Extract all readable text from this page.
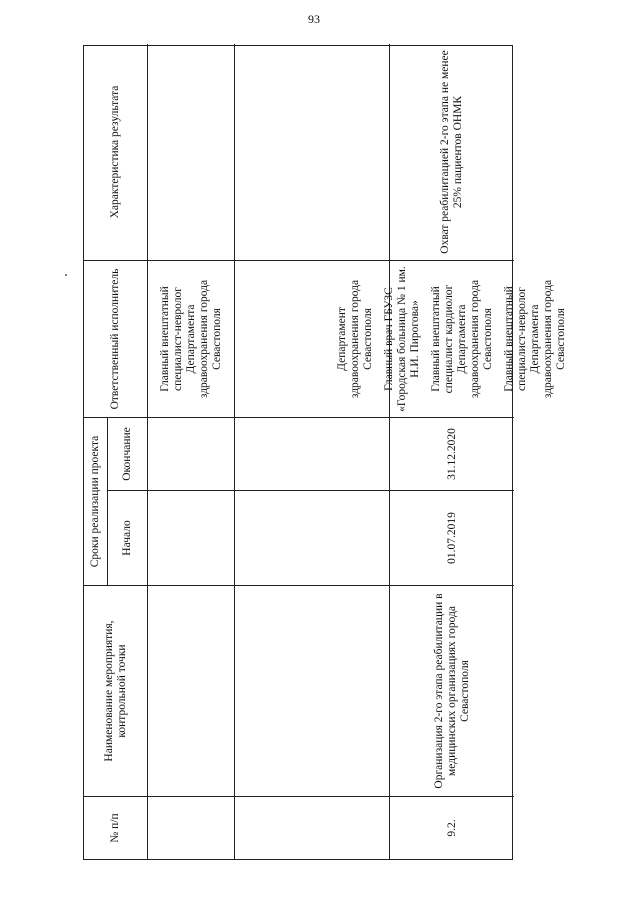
93
№ п/п
Наименование мероприятия, контрольной точки
Сроки реализации проекта
Ответственный исполнитель
Характеристика результата
Начало
Окончание
Главный внештатный специалист-невролог Департамента здравоохранения города Севастополя
9.2.
Организация 2-го этапа реабилитации в медицинских организациях города Севастополя
01.07.2019
31.12.2020
Департамент здравоохранения города Севастополя Главный врач ГБУЗС «Городская больница № 1 им. Н.И. Пирогова» Главный внештатный специалист кардиолог Департамента здравоохранения города Севастополя Главный внештатный специалист-невролог Департамента здравоохранения города Севастополя
Охват реабилитацией 2-го этапа не менее 25% пациентов ОНМК
